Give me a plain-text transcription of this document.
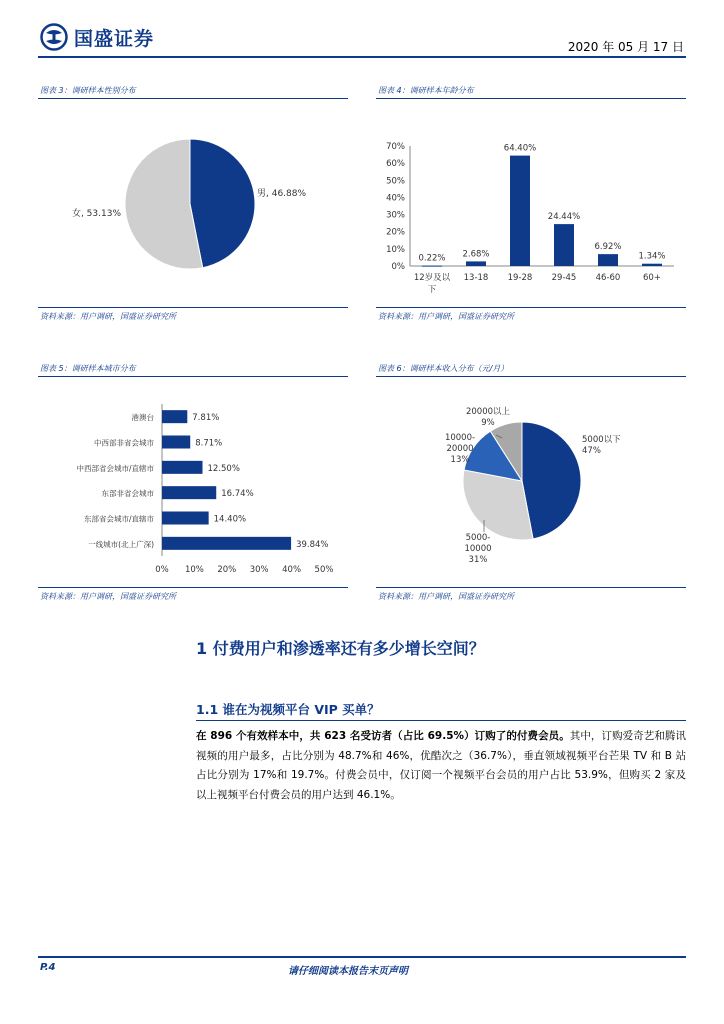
国盛证券	2020 年 05 月 17 日
图表 3：调研样本性别分布
男, 46.88%
女, 53.13%
资料来源：用户调研，国盛证券研究所
图表 4：调研样本年龄分布
0%
10%
20%
30%
40%
50%
60%
70%
0.22%
12岁及以
下
2.68%
13-18
64.40%
19-28
24.44%
29-45
6.92%
46-60
1.34%
60+
资料来源：用户调研，国盛证券研究所
图表 5：调研样本城市分布
0% 10% 20% 30% 40% 50%
7.81%
港澳台
8.71%
中西部非省会城市
12.50%
中西部省会城市/直辖市
16.74%
东部非省会城市
14.40%
东部省会城市/直辖市
39.84%
一线城市(北上广深)
资料来源：用户调研，国盛证券研究所
图表 6：调研样本收入分布（元/月）
5000以下
47%
5000-
10000
31%
10000-
20000
13%
20000以上
9%
资料来源：用户调研，国盛证券研究所
1 付费用户和渗透率还有多少增长空间？
1.1 谁在为视频平台 VIP 买单？
在 896 个有效样本中，共 623 名受访者（占比 69.5%）订购了的付费会员。其中，订购爱奇艺和腾讯视频的用户最多，占比分别为 48.7%和 46%，优酷次之（36.7%），垂直领域视频平台芒果 TV 和 B 站占比分别为 17%和 19.7%。付费会员中，仅订阅一个视频平台会员的用户占比 53.9%，但购买 2 家及以上视频平台付费会员的用户达到 46.1%。
P.4	请仔细阅读本报告末页声明
